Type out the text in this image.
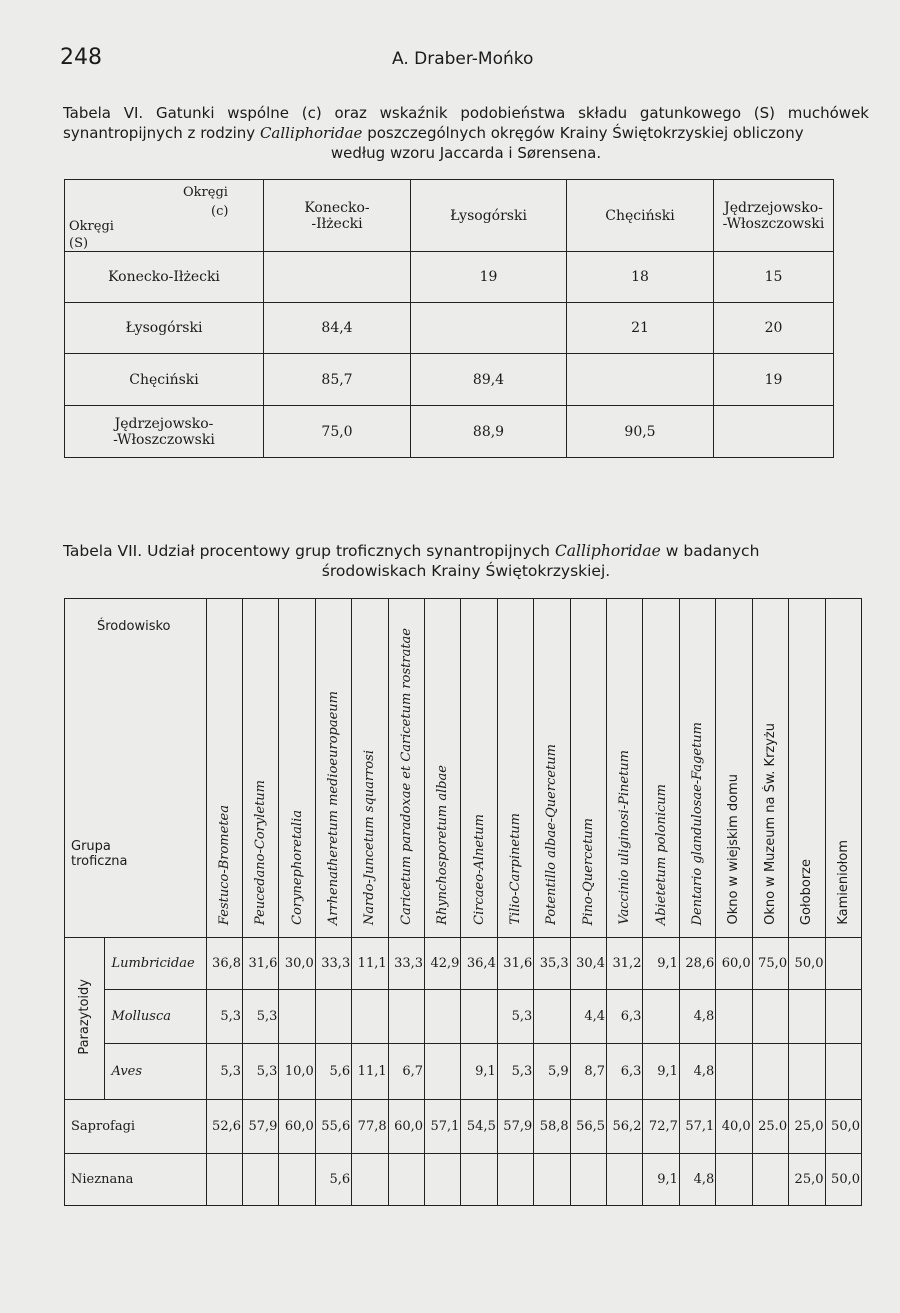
248	A. Draber-Mońko
Tabela VI. Gatunki wspólne (c) oraz wskaźnik podobieństwa składu gatunkowego (S) muchówek synantropijnych z rodziny Calliphoridae poszczególnych okręgów Krainy Świętokrzyskiej obliczony
według wzoru Jaccarda i Sørensena.
Okręgi
(c)
Okręgi
(S)	Konecko-
-Iłżecki	Łysogórski	Chęciński	Jędrzejowsko-
-Włoszczowski
Konecko-Iłżecki		19	18	15
Łysogórski	84,4		21	20
Chęciński	85,7	89,4		19
Jędrzejowsko-
-Włoszczowski	75,0	88,9	90,5	
Tabela VII. Udział procentowy grup troficznych synantropijnych Calliphoridae w badanych
środowiskach Krainy Świętokrzyskiej.
Środowisko
Grupa
troficzna		Festuco-Brometea	Peucedano-Coryletum	Corynephoretalia	Arrhenatheretum medioeuropaeum	Nardo-Juncetum squarrosi	Caricetum paradoxae et Caricetum rostratae	Rhynchosporetum albae	Circaeo-Alnetum	Tilio-Carpinetum	Potentillo albae-Quercetum	Pino-Quercetum	Vaccinio uliginosi-Pinetum	Abietetum polonicum	Dentario glandulosae-Fagetum	Okno w wiejskim domu	Okno w Muzeum na Św. Krzyżu	Gołoborze	Kamieniołom
Parazytoidy	Lumbricidae	36,8	31,6	30,0	33,3	11,1	33,3	42,9	36,4	31,6	35,3	30,4	31,2	9,1	28,6	60,0	75,0	50,0	
	Mollusca	5,3	5,3							5,3		4,4	6,3		4,8				
	Aves	5,3	5,3	10,0	5,6	11,1	6,7		9,1	5,3	5,9	8,7	6,3	9,1	4,8				
Saprofagi		52,6	57,9	60,0	55,6	77,8	60,0	57,1	54,5	57,9	58,8	56,5	56,2	72,7	57,1	40,0	25.0	25,0	50,0
Nieznana					5,6									9,1	4,8			25,0	50,0
